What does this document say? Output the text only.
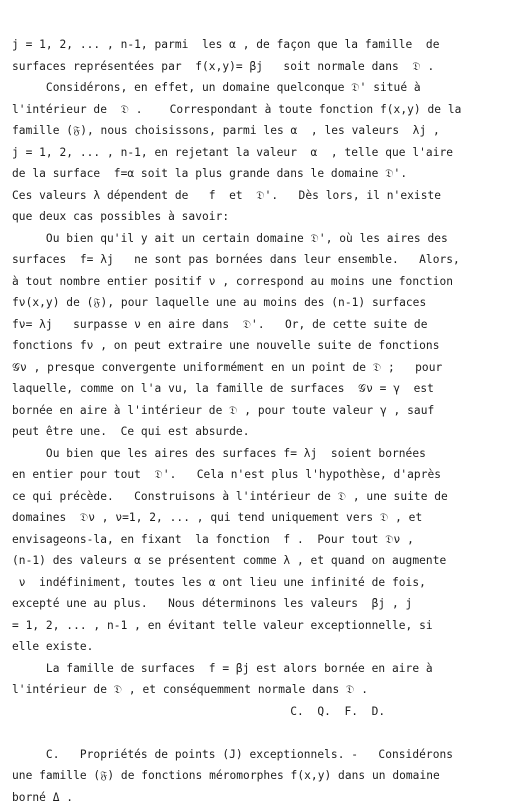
j = 1, 2, ... , n-1, parmi  les α , de façon que la famille  de
surfaces représentées par  f(x,y)= βj   soit normale dans  𝔇 .
Considérons, en effet, un domaine quelconque 𝔇' situé à
l'intérieur de  𝔇 .    Correspondant à toute fonction f(x,y) de la
famille (𝔉), nous choisissons, parmi les α  , les valeurs  λj ,
j = 1, 2, ... , n-1, en rejetant la valeur  α  , telle que l'aire
de la surface  f=α soit la plus grande dans le domaine 𝔇'.
Ces valeurs λ dépendent de   f  et  𝔇'.   Dès lors, il n'existe
que deux cas possibles à savoir:
Ou bien qu'il y ait un certain domaine 𝔇', où les aires des
surfaces  f= λj   ne sont pas bornées dans leur ensemble.   Alors,
à tout nombre entier positif ν , correspond au moins une fonction
fν(x,y) de (𝔉), pour laquelle une au moins des (n-1) surfaces
fν= λj   surpasse ν en aire dans  𝔇'.   Or, de cette suite de
fonctions fν , on peut extraire une nouvelle suite de fonctions
𝒢ν , presque convergente uniformément en un point de 𝔇 ;   pour
laquelle, comme on l'a vu, la famille de surfaces  𝒢ν = γ  est
bornée en aire à l'intérieur de 𝔇 , pour toute valeur γ , sauf
peut être une.  Ce qui est absurde.
Ou bien que les aires des surfaces f= λj  soient bornées
en entier pour tout  𝔇'.   Cela n'est plus l'hypothèse, d'après
ce qui précède.   Construisons à l'intérieur de 𝔇 , une suite de
domaines  𝔇ν , ν=1, 2, ... , qui tend uniquement vers 𝔇 , et
envisageons-la, en fixant  la fonction  f .  Pour tout 𝔇ν ,
(n-1) des valeurs α se présentent comme λ , et quand on augmente
ν  indéfiniment, toutes les α ont lieu une infinité de fois,
excepté une au plus.   Nous déterminons les valeurs  βj , j
= 1, 2, ... , n-1 , en évitant telle valeur exceptionnelle, si
elle existe.
La famille de surfaces  f = βj est alors bornée en aire à
l'intérieur de 𝔇 , et conséquemment normale dans 𝔇 .
C.  Q.  F.  D.
C.   Propriétés de points (J) exceptionnels. -   Considérons
une famille (𝔉) de fonctions méromorphes f(x,y) dans un domaine
borné Δ .
